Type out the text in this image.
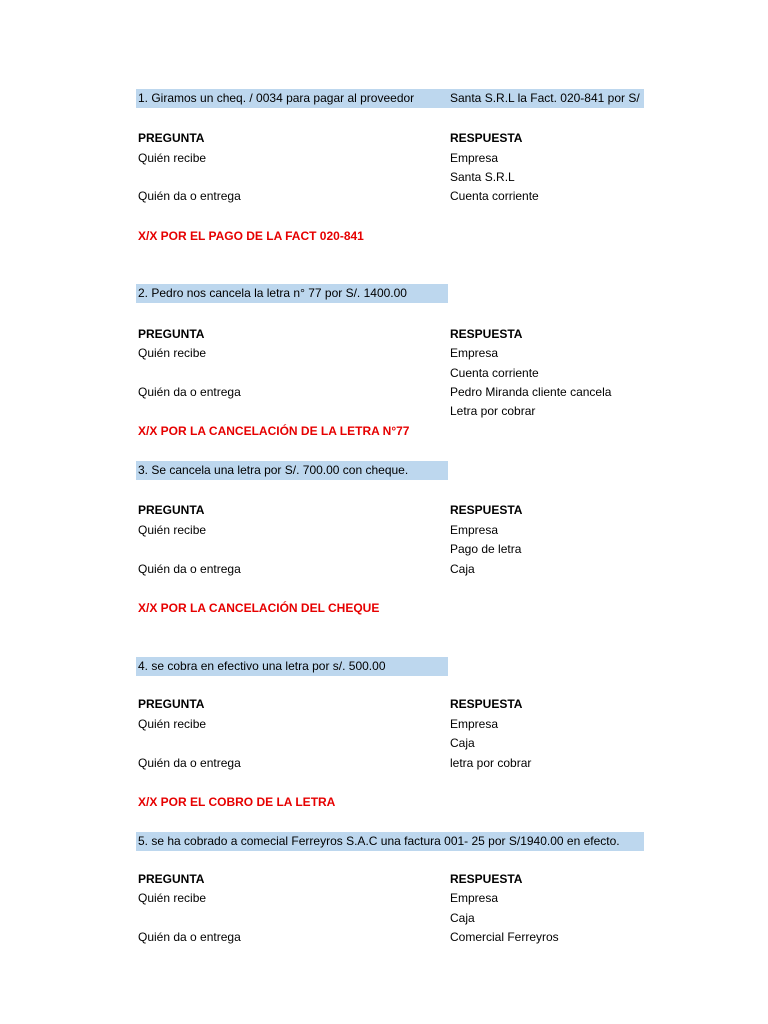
1. Giramos un cheq. / 0034 para pagar al proveedor	Santa S.R.L la Fact. 020-841 por S/
PREGUNTA	RESPUESTA
Quién recibe	Empresa
Santa S.R.L
Quién da o entrega	Cuenta corriente
X/X POR EL PAGO DE LA FACT 020-841
2. Pedro nos cancela la letra n° 77 por S/. 1400.00
PREGUNTA	RESPUESTA
Quién recibe	Empresa
Cuenta corriente
Quién da o entrega	Pedro Miranda cliente cancela
Letra por cobrar
X/X POR LA CANCELACIÓN DE LA LETRA N°77
3. Se cancela una letra por S/. 700.00 con cheque.
PREGUNTA	RESPUESTA
Quién recibe	Empresa
Pago de letra
Quién da o entrega	Caja
X/X POR LA CANCELACIÓN DEL CHEQUE
4. se cobra en efectivo una letra por s/. 500.00
PREGUNTA	RESPUESTA
Quién recibe	Empresa
Caja
Quién da o entrega	letra por cobrar
X/X POR EL COBRO DE LA LETRA
5. se ha cobrado a comecial Ferreyros S.A.C una factura 001- 25 por S/1940.00 en efecto.
PREGUNTA	RESPUESTA
Quién recibe	Empresa
Caja
Quién da o entrega	Comercial Ferreyros
